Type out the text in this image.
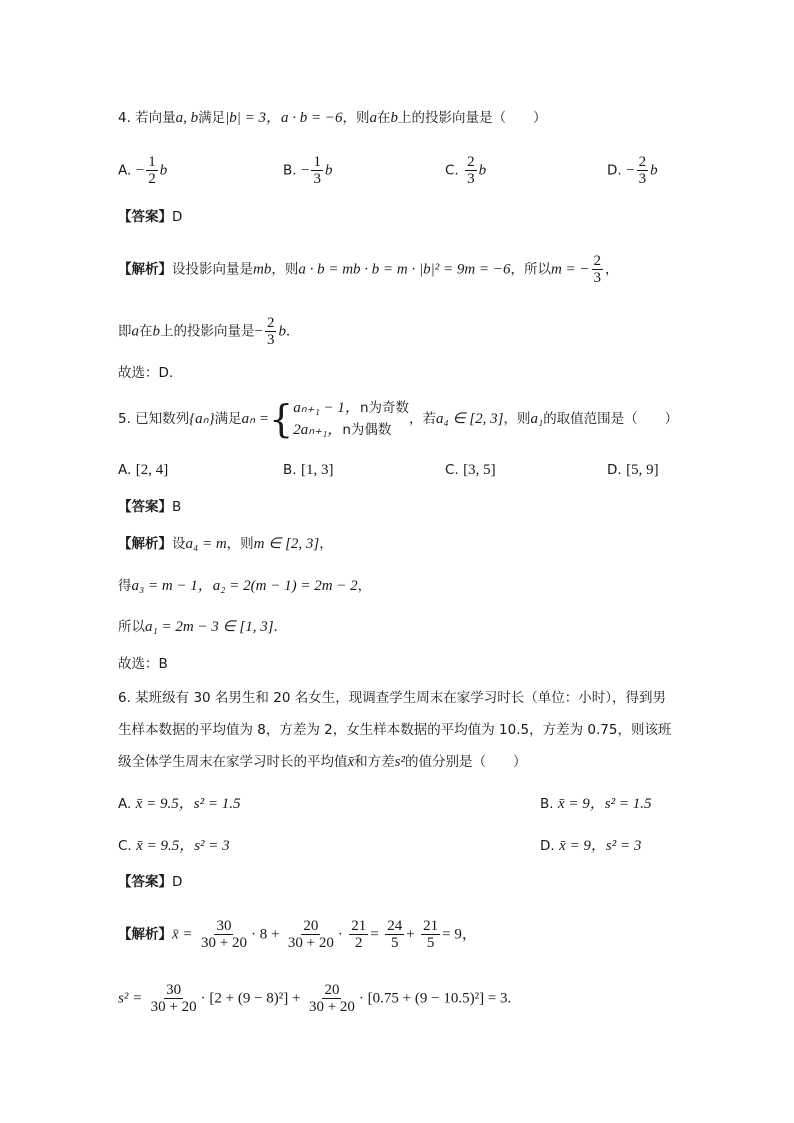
4. 若向量a, b满足|b| = 3，a · b = −6，则a在b上的投影向量是（　　）
A. − $\frac{1}{2}$ b	B. − $\frac{1}{3}$ b	C. $\frac{2}{3}$ b	D. − $\frac{2}{3}$ b
【答案】D
【解析】设投影向量是mb，则a · b = mb · b = m · |b|² = 9m = −6，所以m = − $\frac{2}{3}$ ，
即a在b上的投影向量是− $\frac{2}{3}$ b．
故选：D.
5. 已知数列{aₙ}满足aₙ ={ aₙ₊₁ − 1，n为奇数
2aₙ₊₁，n为偶数
，若a₄ ∈ [2, 3]，则a₁的取值范围是（　　）
A. [2, 4]	B. [1, 3]	C. [3, 5]	D. [5, 9]
【答案】B
【解析】设a₄ = m，则m ∈ [2, 3]，
得a₃ = m − 1，a₂ = 2(m − 1) = 2m − 2，
所以a₁ = 2m − 3 ∈ [1, 3]．
故选：B
6. 某班级有 30 名男生和 20 名女生，现调查学生周末在家学习时长（单位：小时），得到男
生样本数据的平均值为 8，方差为 2，女生样本数据的平均值为 10.5，方差为 0.75，则该班
级全体学生周末在家学习时长的平均值x̄和方差s²的值分别是（　　）
A. x̄ = 9.5，s² = 1.5	B. x̄ = 9，s² = 1.5
C. x̄ = 9.5，s² = 3	D. x̄ = 9，s² = 3
【答案】D
【解析】x̄ = $\frac{30}{30 + 20} \cdot 8 + \frac{20}{30 + 20} \cdot \frac{21}{2} = \frac{24}{5} + \frac{21}{5} = 9$，
$s^2 = \frac{30}{30 + 20} \cdot [2 + (9 - 8)^2] + \frac{20}{30 + 20} \cdot [0.75 + (9 - 10.5)^2] = 3$.
